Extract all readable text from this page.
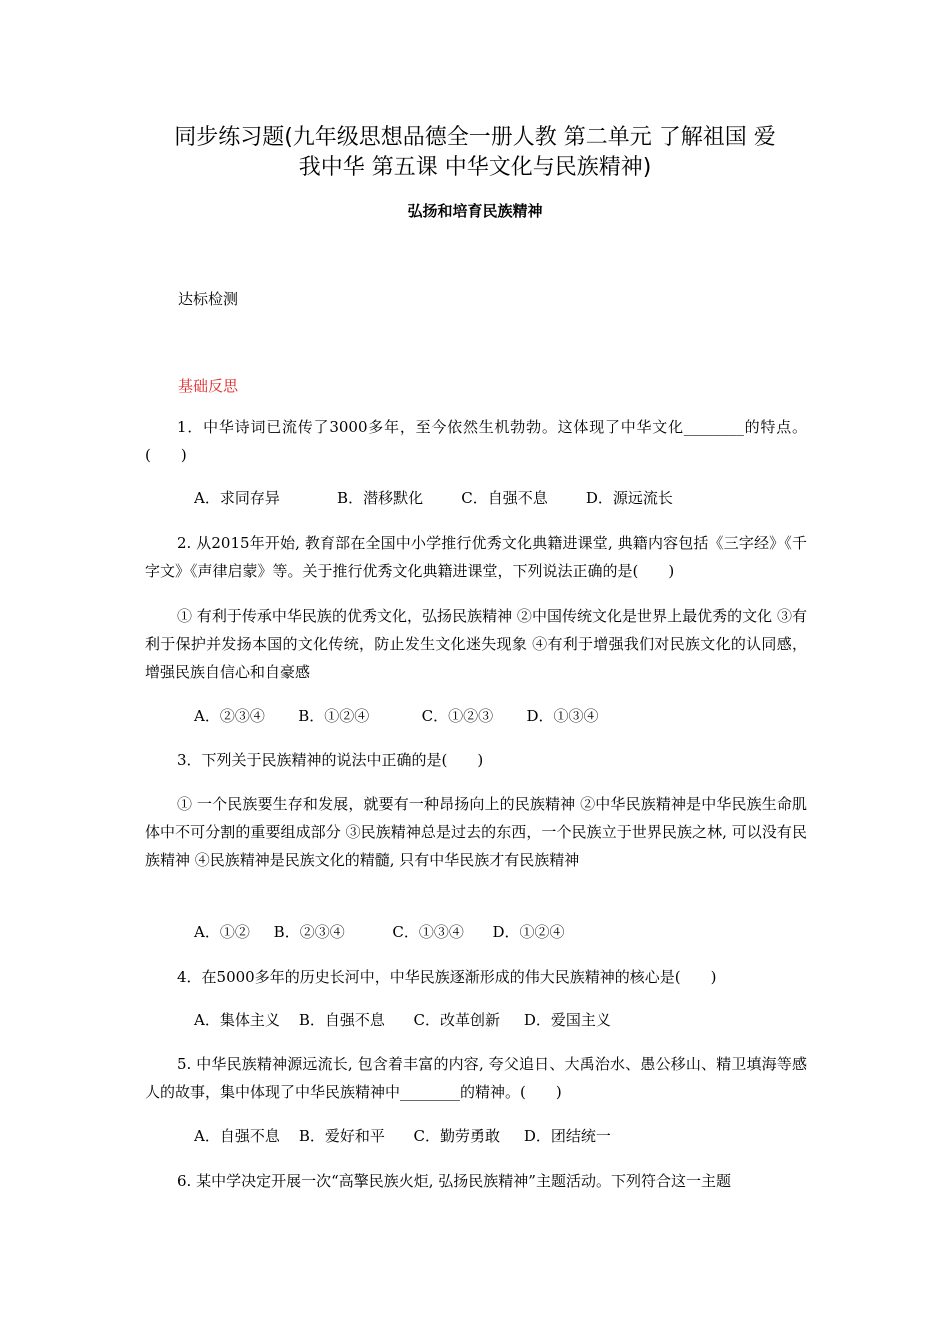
同步练习题(九年级思想品德全一册人教 第二单元 了解祖国 爱
我中华 第五课 中华文化与民族精神)
弘扬和培育民族精神
达标检测
基础反思
1．中华诗词已流传了3000多年，至今依然生机勃勃。这体现了中华文化________的特点。(　　)
A．求同存异            B．潜移默化        C．自强不息        D．源远流长
2. 从2015年开始, 教育部在全国中小学推行优秀文化典籍进课堂, 典籍内容包括《三字经》《千字文》《声律启蒙》等。关于推行优秀文化典籍进课堂，下列说法正确的是(　　)
① 有利于传承中华民族的优秀文化，弘扬民族精神 ②中国传统文化是世界上最优秀的文化 ③有利于保护并发扬本国的文化传统，防止发生文化迷失现象 ④有利于增强我们对民族文化的认同感，增强民族自信心和自豪感
A．②③④       B．①②④           C．①②③       D．①③④
3．下列关于民族精神的说法中正确的是(　　)
① 一个民族要生存和发展，就要有一种昂扬向上的民族精神 ②中华民族精神是中华民族生命肌体中不可分割的重要组成部分 ③民族精神总是过去的东西，一个民族立于世界民族之林, 可以没有民族精神 ④民族精神是民族文化的精髓, 只有中华民族才有民族精神
A．①②     B．②③④          C．①③④      D．①②④
4．在5000多年的历史长河中，中华民族逐渐形成的伟大民族精神的核心是(　　)
A．集体主义    B．自强不息      C．改革创新     D．爱国主义
5. 中华民族精神源远流长, 包含着丰富的内容, 夸父追日、大禹治水、愚公移山、精卫填海等感人的故事，集中体现了中华民族精神中________的精神。(　　)
A．自强不息    B．爱好和平      C．勤劳勇敢     D．团结统一
6. 某中学决定开展一次“高擎民族火炬, 弘扬民族精神”主题活动。下列符合这一主题
